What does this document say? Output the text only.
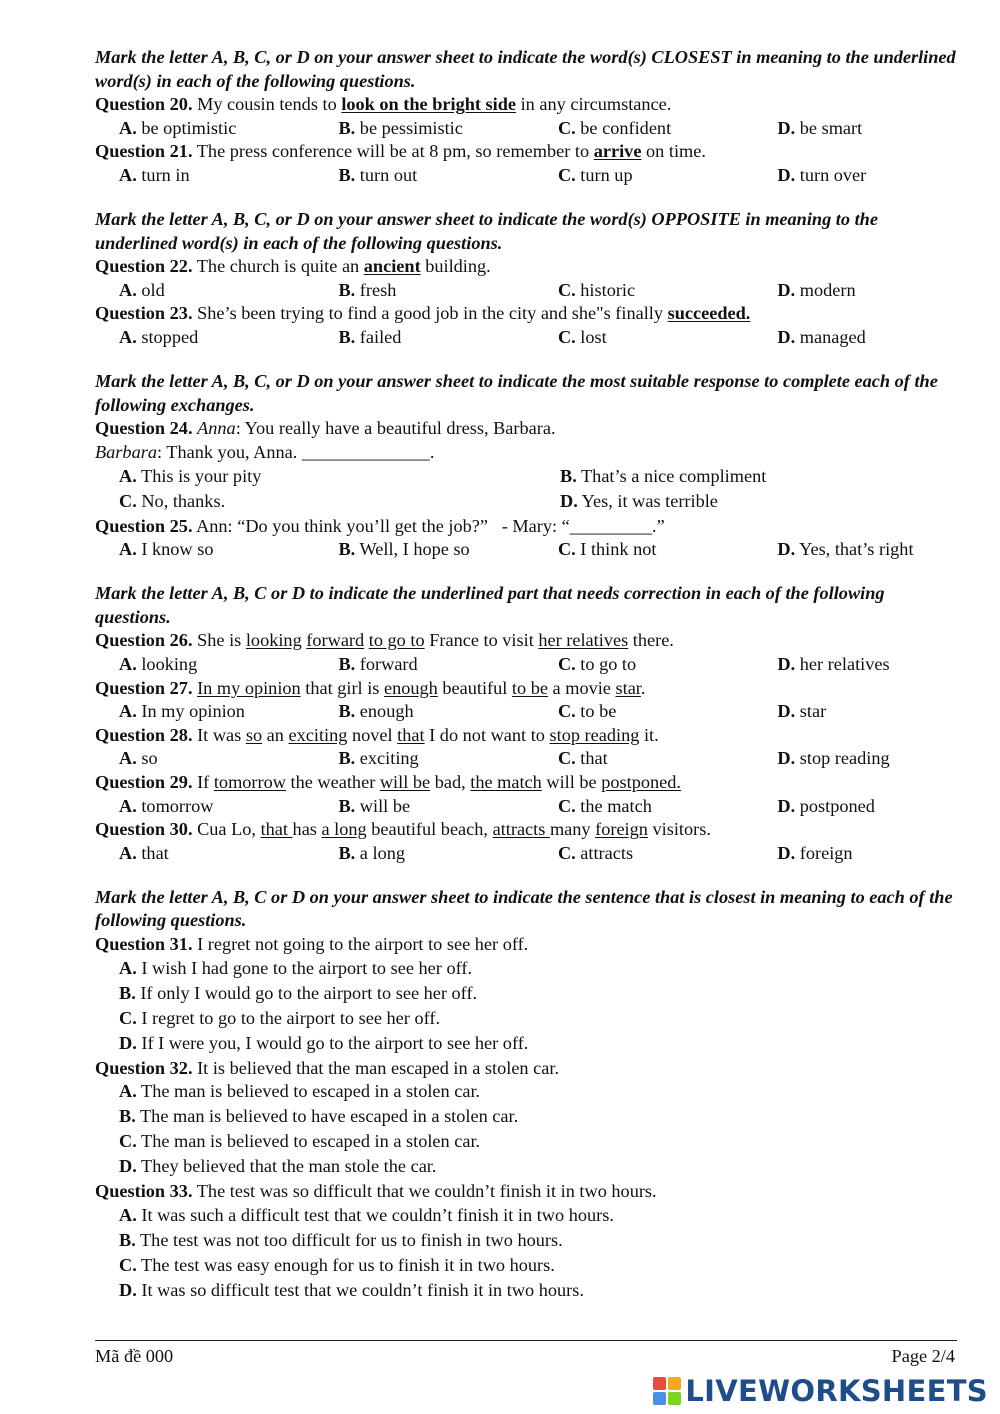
Mark the letter A, B, C, or D on your answer sheet to indicate the word(s) CLOSEST in meaning to the underlined word(s) in each of the following questions.
Question 20. My cousin tends to look on the bright side in any circumstance.
A. be optimistic	B. be pessimistic	C. be confident	D. be smart
Question 21. The press conference will be at 8 pm, so remember to arrive on time.
A. turn in	B. turn out	C. turn up	D. turn over
Mark the letter A, B, C, or D on your answer sheet to indicate the word(s) OPPOSITE in meaning to the underlined word(s) in each of the following questions.
Question 22. The church is quite an ancient building.
A. old	B. fresh	C. historic	D. modern
Question 23. She’s been trying to find a good job in the city and she"s finally succeeded.
A. stopped	B. failed	C. lost	D. managed
Mark the letter A, B, C, or D on your answer sheet to indicate the most suitable response to complete each of the following exchanges.
Question 24. Anna: You really have a beautiful dress, Barbara.
Barbara: Thank you, Anna. ______________.
A. This is your pity	B. That’s a nice compliment
C. No, thanks.	D. Yes, it was terrible
Question 25. Ann: “Do you think you’ll get the job?”   - Mary: “_________.”
A. I know so	B. Well, I hope so	C. I think not	D. Yes, that’s right
Mark the letter A, B, C or D to indicate the underlined part that needs correction in each of the following questions.
Question 26. She is looking forward to go to France to visit her relatives there.
A. looking	B. forward	C. to go to	D. her relatives
Question 27. In my opinion that girl is enough beautiful to be a movie star.
A. In my opinion	B. enough	C. to be	D. star
Question 28. It was so an exciting novel that I do not want to stop reading it.
A. so	B. exciting	C. that	D. stop reading
Question 29. If tomorrow the weather will be bad, the match will be postponed.
A. tomorrow	B. will be	C. the match	D. postponed
Question 30. Cua Lo, that has a long beautiful beach, attracts many foreign visitors.
A. that	B. a long	C. attracts	D. foreign
Mark the letter A, B, C or D on your answer sheet to indicate the sentence that is closest in meaning to each of the following questions.
Question 31. I regret not going to the airport to see her off.
A. I wish I had gone to the airport to see her off.
B. If only I would go to the airport to see her off.
C. I regret to go to the airport to see her off.
D. If I were you, I would go to the airport to see her off.
Question 32. It is believed that the man escaped in a stolen car.
A. The man is believed to escaped in a stolen car.
B. The man is believed to have escaped in a stolen car.
C. The man is believed to escaped in a stolen car.
D. They believed that the man stole the car.
Question 33. The test was so difficult that we couldn’t finish it in two hours.
A. It was such a difficult test that we couldn’t finish it in two hours.
B. The test was not too difficult for us to finish in two hours.
C. The test was easy enough for us to finish it in two hours.
D. It was so difficult test that we couldn’t finish it in two hours.
Mã đề 000	Page 2/4
LIVEWORKSHEETS
